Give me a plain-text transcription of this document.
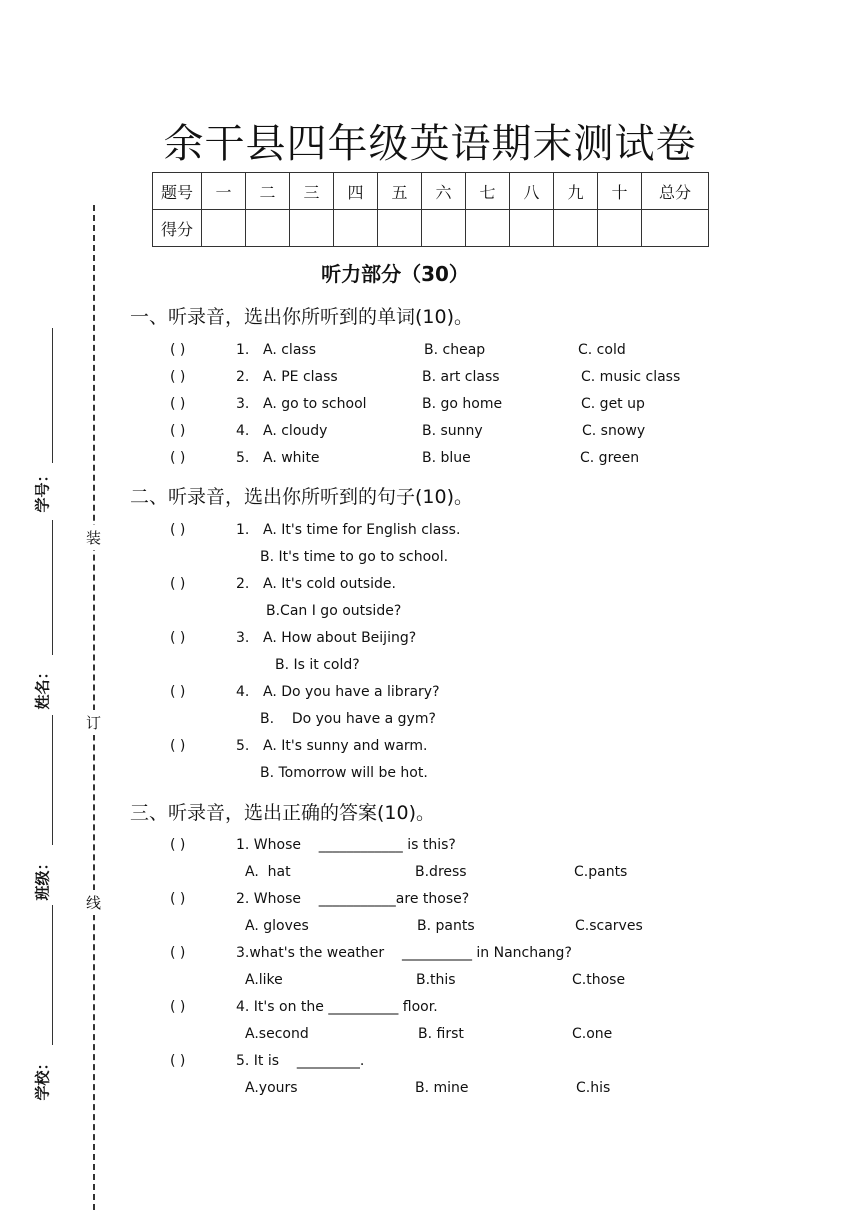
余干县四年级英语期末测试卷
题号	一	二	三	四	五	六	七	八	九	十	总分
得分											
听力部分（30）
一、听录音，选出你所听到的单词(10)。
( )	1. A. class	B. cheap	C. cold
( )	2. A. PE class	B. art class	C. music class
( )	3. A. go to school	B. go home	C. get up
( )	4. A. cloudy	B. sunny	C. snowy
( )	5. A. white	B. blue	C. green
二、听录音，选出你所听到的句子(10)。
( )	1. A. It's time for English class.
B. It's time to go to school.
( )	2. A. It's cold outside.
B.Can I go outside?
( )	3. A. How about Beijing?
B. Is it cold?
( )	4. A. Do you have a library?
B.    Do you have a gym?
( )	5. A. It's sunny and warm.
B. Tomorrow will be hot.
三、听录音，选出正确的答案(10)。
( )	1. Whose    ____________ is this?
A.  hat	B.dress	C.pants
( )	2. Whose    ___________are those?
A. gloves	B. pants	C.scarves
( )	3.what's the weather    __________ in Nanchang?
A.like	B.this	C.those
( )	4. It's on the __________ floor.
A.second	B. first	C.one
( )	5. It is    _________.
A.yours	B. mine	C.his
学号：
姓名：
班级：
学校：
装
订
线
